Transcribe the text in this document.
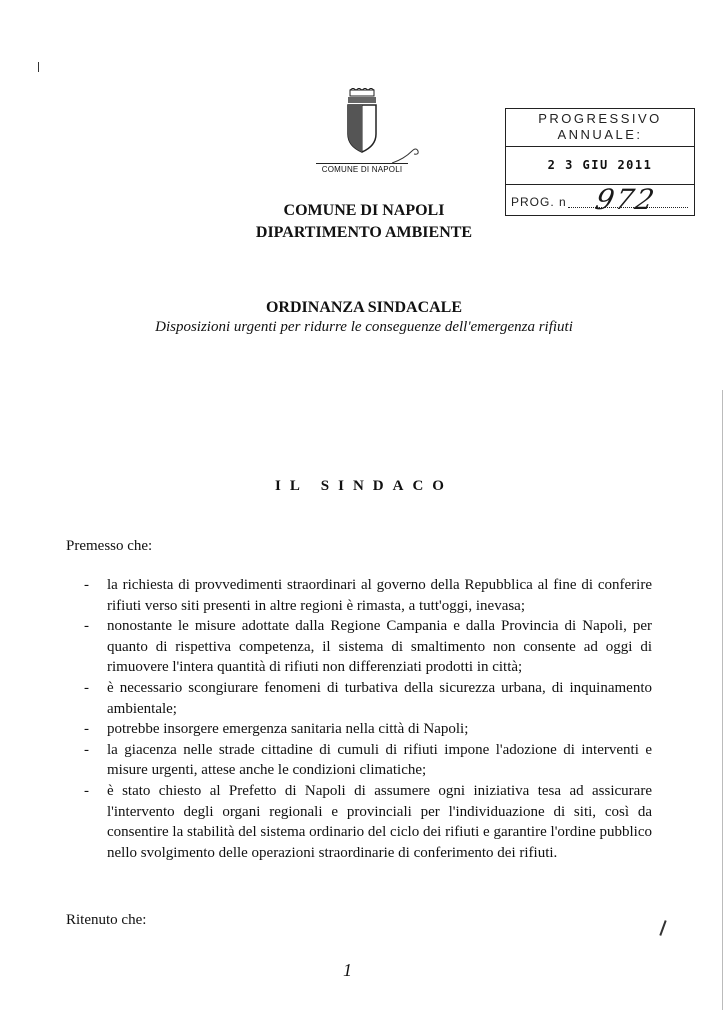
COMUNE DI NAPOLI
PROGRESSIVO
ANNUALE:
2 3 GIU 2011
PROG. n 972
COMUNE DI NAPOLI
DIPARTIMENTO AMBIENTE
ORDINANZA SINDACALE
Disposizioni urgenti per ridurre le conseguenze dell'emergenza rifiuti
IL SINDACO
Premesso che:
- la richiesta di provvedimenti straordinari al governo della Repubblica al fine di conferire rifiuti verso siti presenti in altre regioni è rimasta, a tutt'oggi, inevasa;
- nonostante le misure adottate dalla Regione Campania e dalla Provincia di Napoli, per quanto di rispettiva competenza, il sistema di smaltimento non consente ad oggi di rimuovere l'intera quantità di rifiuti non differenziati prodotti in città;
- è necessario scongiurare fenomeni di turbativa della sicurezza urbana, di inquinamento ambientale;
- potrebbe insorgere emergenza sanitaria nella città di Napoli;
- la giacenza nelle strade cittadine di cumuli di rifiuti impone l'adozione di interventi e misure urgenti, attese anche le condizioni climatiche;
- è stato chiesto al Prefetto di Napoli di assumere ogni iniziativa tesa ad assicurare l'intervento degli organi regionali e provinciali per l'individuazione di siti, così da consentire la stabilità del sistema ordinario del ciclo dei rifiuti e garantire l'ordine pubblico nello svolgimento delle operazioni straordinarie di conferimento dei rifiuti.
Ritenuto che:
1
